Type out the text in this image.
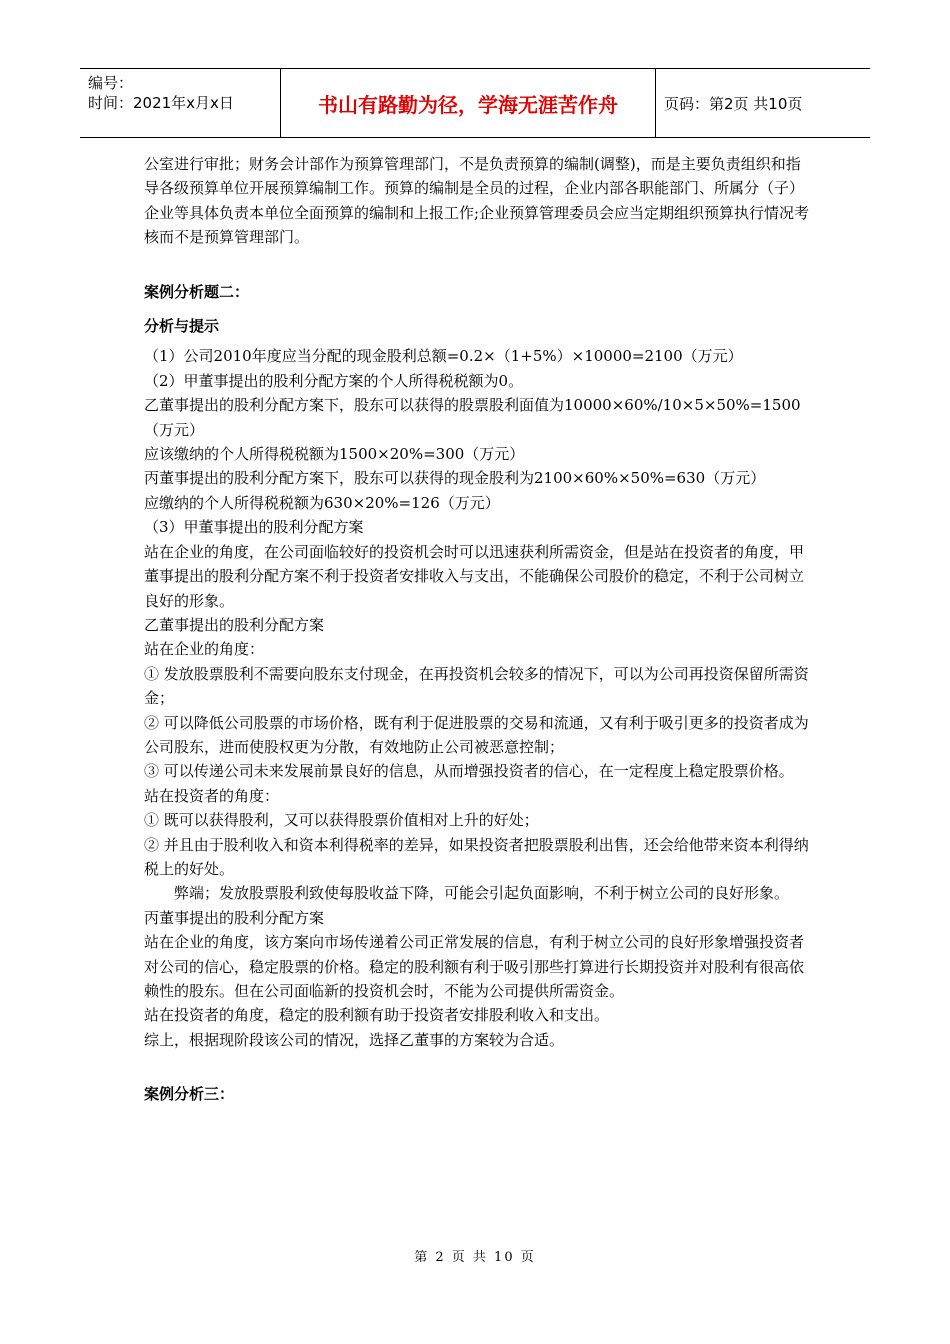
编号：
时间：2021年x月x日	书山有路勤为径，学海无涯苦作舟	页码：第2页 共10页

公室进行审批；财务会计部作为预算管理部门，不是负责预算的编制(调整)，而是主要负责组织和指导各级预算单位开展预算编制工作。预算的编制是全员的过程，企业内部各职能部门、所属分（子）企业等具体负责本单位全面预算的编制和上报工作;企业预算管理委员会应当定期组织预算执行情况考核而不是预算管理部门。

案例分析题二：

分析与提示

（1）公司2010年度应当分配的现金股利总额=0.2×（1+5%）×10000=2100（万元）

（2）甲董事提出的股利分配方案的个人所得税税额为0。

乙董事提出的股利分配方案下，股东可以获得的股票股利面值为10000×60%/10×5×50%=1500（万元）

应该缴纳的个人所得税税额为1500×20%=300（万元）

丙董事提出的股利分配方案下，股东可以获得的现金股利为2100×60%×50%=630（万元）

应缴纳的个人所得税税额为630×20%=126（万元）

（3）甲董事提出的股利分配方案

站在企业的角度，在公司面临较好的投资机会时可以迅速获利所需资金，但是站在投资者的角度，甲董事提出的股利分配方案不利于投资者安排收入与支出，不能确保公司股价的稳定，不利于公司树立良好的形象。

乙董事提出的股利分配方案

站在企业的角度：

① 发放股票股利不需要向股东支付现金，在再投资机会较多的情况下，可以为公司再投资保留所需资金；

② 可以降低公司股票的市场价格，既有利于促进股票的交易和流通，又有利于吸引更多的投资者成为公司股东，进而使股权更为分散，有效地防止公司被恶意控制；

③ 可以传递公司未来发展前景良好的信息，从而增强投资者的信心，在一定程度上稳定股票价格。

站在投资者的角度：

① 既可以获得股利，又可以获得股票价值相对上升的好处；

② 并且由于股利收入和资本利得税率的差异，如果投资者把股票股利出售，还会给他带来资本利得纳税上的好处。

弊端；发放股票股利致使每股收益下降，可能会引起负面影响，不利于树立公司的良好形象。

丙董事提出的股利分配方案

站在企业的角度，该方案向市场传递着公司正常发展的信息，有利于树立公司的良好形象增强投资者对公司的信心，稳定股票的价格。稳定的股利额有利于吸引那些打算进行长期投资并对股利有很高依赖性的股东。但在公司面临新的投资机会时，不能为公司提供所需资金。

站在投资者的角度，稳定的股利额有助于投资者安排股利收入和支出。

综上，根据现阶段该公司的情况，选择乙董事的方案较为合适。

案例分析三：

第 2 页 共 10 页
